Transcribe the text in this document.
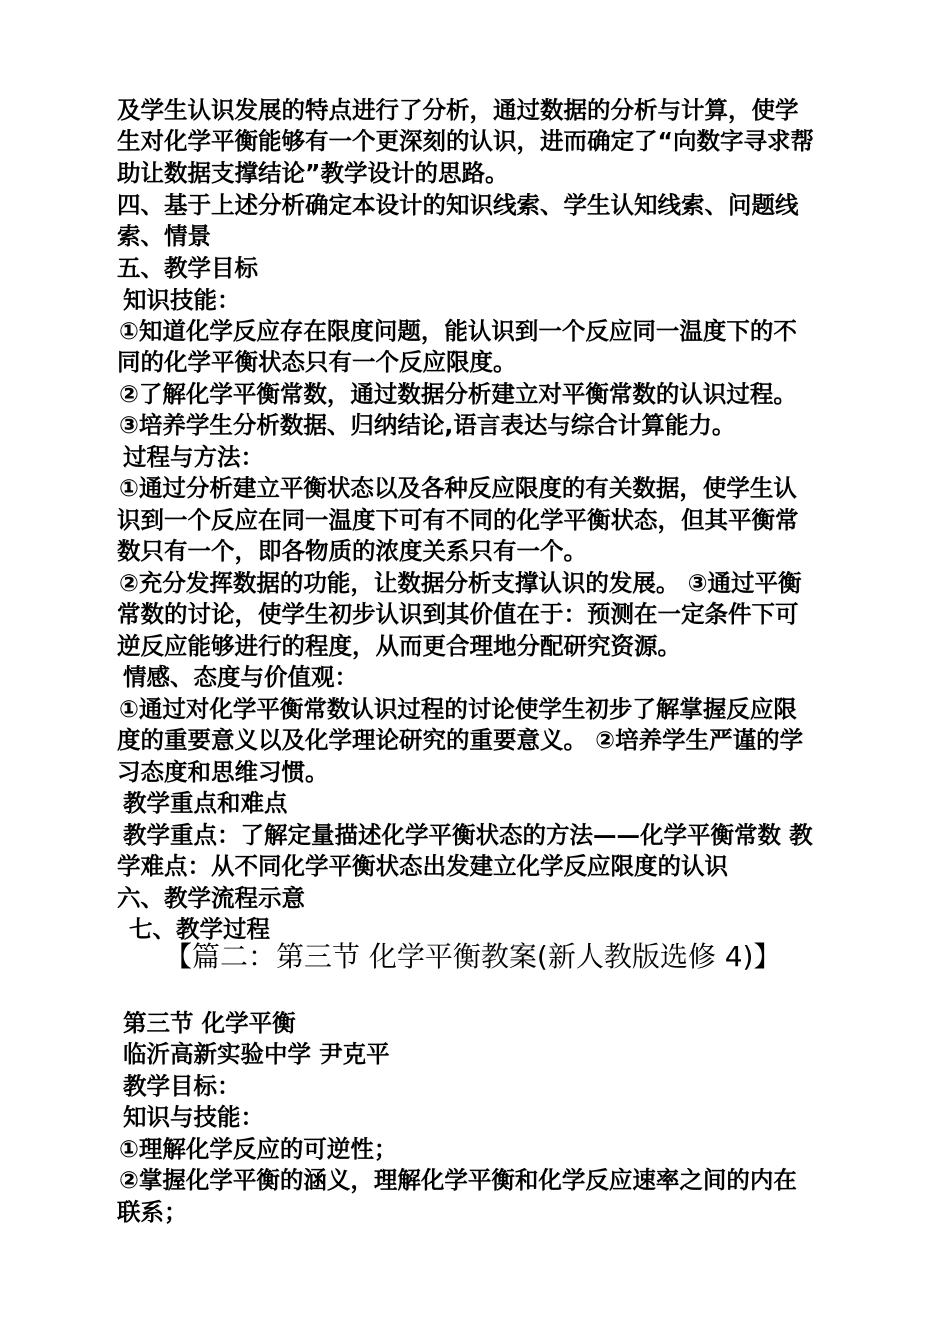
及学生认识发展的特点进行了分析，通过数据的分析与计算，使学
生对化学平衡能够有一个更深刻的认识，进而确定了“向数字寻求帮
助让数据支撑结论”教学设计的思路。
四、基于上述分析确定本设计的知识线索、学生认知线索、问题线
索、情景
五、教学目标
知识技能：
①知道化学反应存在限度问题，能认识到一个反应同一温度下的不
同的化学平衡状态只有一个反应限度。
②了解化学平衡常数，通过数据分析建立对平衡常数的认识过程。
③培养学生分析数据、归纳结论,语言表达与综合计算能力。
过程与方法：
①通过分析建立平衡状态以及各种反应限度的有关数据，使学生认
识到一个反应在同一温度下可有不同的化学平衡状态，但其平衡常
数只有一个，即各物质的浓度关系只有一个。
②充分发挥数据的功能，让数据分析支撑认识的发展。 ③通过平衡
常数的讨论，使学生初步认识到其价值在于：预测在一定条件下可
逆反应能够进行的程度，从而更合理地分配研究资源。
情感、态度与价值观：
①通过对化学平衡常数认识过程的讨论使学生初步了解掌握反应限
度的重要意义以及化学理论研究的重要意义。 ②培养学生严谨的学
习态度和思维习惯。
教学重点和难点
教学重点：了解定量描述化学平衡状态的方法——化学平衡常数 教
学难点：从不同化学平衡状态出发建立化学反应限度的认识
六、教学流程示意
七、教学过程
【篇二：第三节 化学平衡教案(新人教版选修 4)】
第三节 化学平衡
临沂高新实验中学 尹克平
教学目标：
知识与技能：
①理解化学反应的可逆性；
②掌握化学平衡的涵义，理解化学平衡和化学反应速率之间的内在
联系；
